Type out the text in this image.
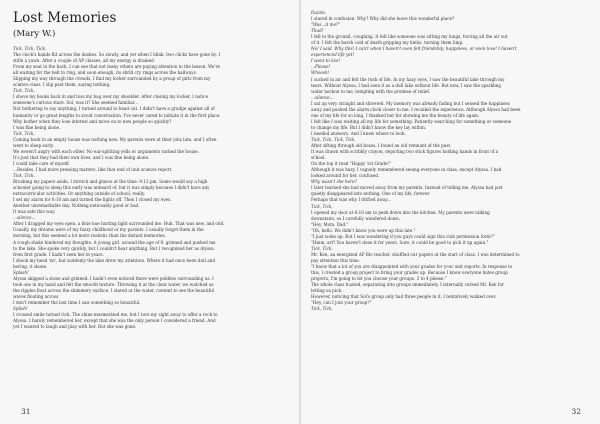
Lost Memories
(Mary W.)
Tick, Tick, Tick,
The clock's hands flit across the dashes. So slowly, and yet when I blink, two clicks have gone by. I
stifle a yawn. After a couple of AP classes, all my energy is drained.
From my seat in the back, I can see that not many others are paying attention to the lesson. We're
all waiting for the bell to ring, and soon enough, its shrill cry rings across the hallways.
Slipping my way through the crowds, I find my locker surrounded by a group of girls from my
science class. I slip past them, saying nothing.
Tick, Tick,
I shove my books back in and toss my bag over my shoulder. After closing my locker, I notice
someone's curious stare. Sol, was it? She seemed familiar...
Not bothering to say anything, I turned around to head out. I didn't have a grudge against all of
humanity or go great lengths to avoid conversation. I've never cared to initiate it in the first place.
Why bother when they lose interest and move on to new people so quickly?
I was fine being alone.
Tick, Tick,
Coming back to an empty house was nothing new. My parents were at their jobs late, and I often
went to sleep early.
We weren't angry with each other. No ear-splitting yells or arguments racked the house.
It's just that they had their own lives, and I was fine being alone.
I could take care of myself.
...Besides, I had more pressing matters, like that end of unit science report.
Tick, Tick,
Brushing my papers aside, I stretch and glance at the time. 9:12 pm. Some would say a high
schooler going to sleep this early was unheard of, but it was simply because I didn't have any
extracurricular activities. Or anything outside of school, really.
I set my alarm for 6:10 am and turned the lights off. Then I closed my eyes.
Another unremarkable day. Nothing noticeably good or bad.
It was safe this way.
...silence...
After I dragged my eyes open, a blue hue hurting light surrounded me. Huh. That was new, and odd.
Usually, my dreams were of my fuzzy childhood or my parents. I usually forgot them in the
morning, but this seemed a lot more realistic than the distant memories.
A rough shake hindered my thoughts. A young girl, around the age of 9, grinned and pushed me
to the lake. She spoke very quickly, but I couldn't hear anything. But I recognized her as Alyssa
from first grade. I hadn't seen her in years.
I shook my head 'no', but suddenly the lake drew my attention. Where it had once been dull and
boring, it shone.
Splash!
Alyssa skipped a stone and grinned. I hadn't even noticed there were pebbles surrounding us. I
took one in my hand and felt the smooth texture. Throwing it at the clear water, we watched as
the ripples float across the shimmery surface. I stared at the water, content to see the beautiful
waves floating across.
I don't remember the last time I saw something so beautiful.
Splish!
I crossed smile turned rich. The shine mesmerized me, but I tore my sight away to offer a rock to
Alyssa. I barely remembered her, except that she was the only person I considered a friend. And
yet I wanted to laugh and play with her. But she was gone.
Dazzle.
I stared in confusion. Why? Why did she leave this wonderful place?
"Was...it me?"
Thud!
I fell to the ground, coughing. It felt like someone was sitting my lungs, forcing all the air out
of it. I felt the harsh cold of death gripping my limbs, turning them limp.
No! I said. Why this! I can't when I haven't even felt friendship, happiness, or even love! I haven't
experienced life yet!
I want to live!
...Please!
Whoosh!
I sucked in air and felt the rush of life. In my hazy eyes, I saw the beautiful lake through my
tears. Without Alyssa, I had seen it as a dull lake without life. But now, I saw the sparkling
water beckon to me, tempting with the promise of relief.
...silence...
I sat up very straight and shivered. My memory was already fading but I sensed the happiness
away and pushed the alarm clock closer to me. I recalled the experience. Although Alyssa had been
one of my life for so long, I thanked her for showing me the beauty of life again.
I felt like I was waiting all my life for something. Patiently searching for something or someone
to change my life. But I didn't know the key lay within.
I needed answers. And I knew where to look.
Tick, Tick, Tick, Tick,
After sifting through old boxes, I found an old remnant of the past.
It was drawn with scribbly crayon, depicting two stick figures holding hands in front of a
school.
On the top it read "Happy 1st Grade!"
Although it was hazy, I vaguely remembered seeing everyone in class, except Alyssa. I had
looked around for her, confused.
Why wasn't she here?
I later learned she had moved away from my parents. Instead of telling me, Alyssa had just
quietly disappeared into nothing. One of my life, forever.
Perhaps that was why I drifted away...
Tick, Tick,
I opened my door at 6:10 am to peek down into the kitchen. My parents were talking
downstairs, so I carefully wandered down.
"Hey, Mom. Dad."
"Oh, hello. We didn't know you were up this late."
"I just woke up. But I was wondering if you guys could sign this club permission form?"
"Hmm, art? You haven't done it for years. Sure, it could be good to pick it up again."
Tick, Tick,
Mr. Ken, an energized AP Bio teacher, shuffled our papers at the start of class. I was determined to
pay attention this time.
"I know that a lot of you are disappointed with your grades for your unit reports. In response to
this, I created a group project to bring your grades up. Because I know everyone hates group
projects, I'm going to let you choose your groups. 3 to 4 please."
The whole class buzzed, separating into groups immediately. I internally cursed Mr. Ken for
letting us pick.
However, noticing that Sol's group only had three people in it, I tentatively walked over.
"Hey, can I join your group?"
Tick, Tick,
31	32
